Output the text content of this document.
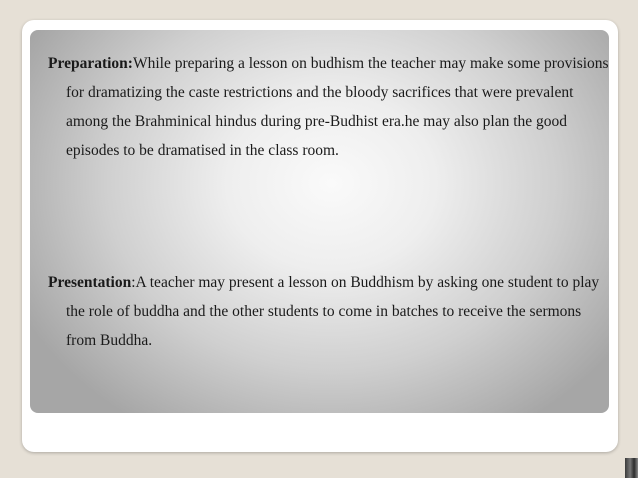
Preparation:While preparing a lesson on budhism the teacher may make some provisions for dramatizing the caste restrictions and the bloody sacrifices that were prevalent among the Brahminical hindus during pre-Budhist era.he may also plan the good episodes to be dramatised in the class room.

Presentation:A teacher may present a lesson on Buddhism by asking one student to play the role of buddha and the other students to come in batches to receive the sermons from Buddha.
